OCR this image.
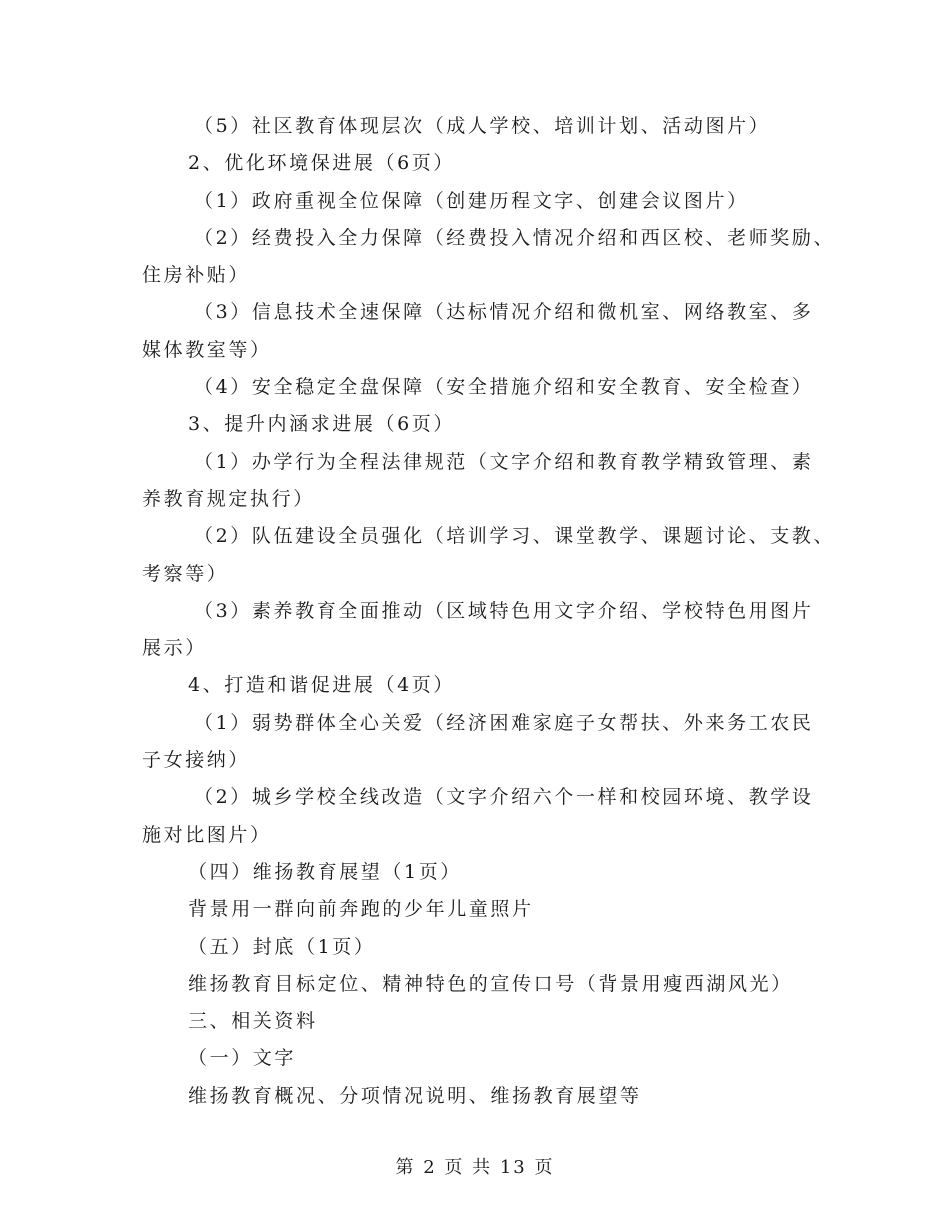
（5）社区教育体现层次（成人学校、培训计划、活动图片）

2、优化环境保进展（6页）

（1）政府重视全位保障（创建历程文字、创建会议图片）

（2）经费投入全力保障（经费投入情况介绍和西区校、老师奖励、

住房补贴）

（3）信息技术全速保障（达标情况介绍和微机室、网络教室、多

媒体教室等）

（4）安全稳定全盘保障（安全措施介绍和安全教育、安全检查）

3、提升内涵求进展（6页）

（1）办学行为全程法律规范（文字介绍和教育教学精致管理、素

养教育规定执行）

（2）队伍建设全员强化（培训学习、课堂教学、课题讨论、支教、

考察等）

（3）素养教育全面推动（区域特色用文字介绍、学校特色用图片

展示）

4、打造和谐促进展（4页）

（1）弱势群体全心关爱（经济困难家庭子女帮扶、外来务工农民

子女接纳）

（2）城乡学校全线改造（文字介绍六个一样和校园环境、教学设

施对比图片）

（四）维扬教育展望（1页）

背景用一群向前奔跑的少年儿童照片

（五）封底（1页）

维扬教育目标定位、精神特色的宣传口号（背景用瘦西湖风光）

三、相关资料

（一）文字

维扬教育概况、分项情况说明、维扬教育展望等

第 2 页 共 13 页
